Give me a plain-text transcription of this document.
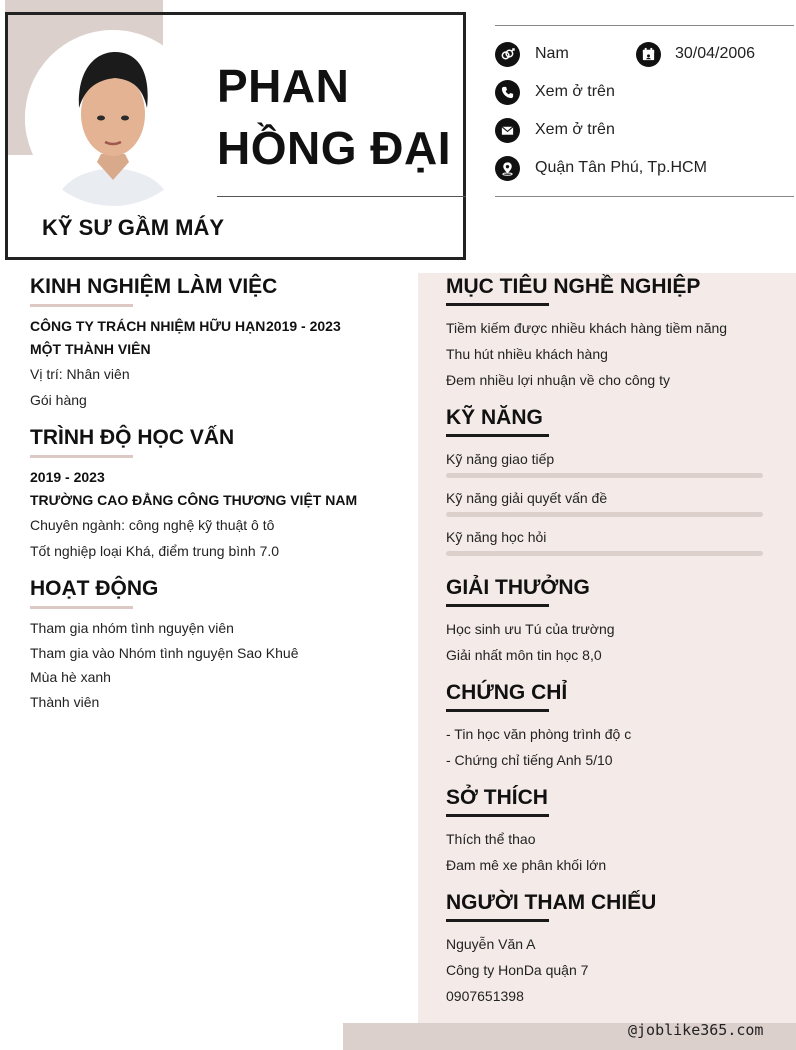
PHAN
HỒNG ĐẠI
KỸ SƯ GẦM MÁY
Nam	30/04/2006
Xem ở trên
Xem ở trên
Quận Tân Phú, Tp.HCM
@joblike365.com
KINH NGHIỆM LÀM VIỆC
CÔNG TY TRÁCH NHIỆM HỮU HẠN 2019 - 2023
MỘT THÀNH VIÊN
Vị trí: Nhân viên
Gói hàng
TRÌNH ĐỘ HỌC VẤN
2019 - 2023
TRƯỜNG CAO ĐẲNG CÔNG THƯƠNG VIỆT NAM
Chuyên ngành: công nghệ kỹ thuật ô tô
Tốt nghiệp loại Khá, điểm trung bình 7.0
HOẠT ĐỘNG
Tham gia nhóm tình nguyện viên
Tham gia vào Nhóm tình nguyện Sao Khuê
Mùa hè xanh
Thành viên
MỤC TIÊU NGHỀ NGHIỆP
Tiềm kiếm được nhiều khách hàng tiềm năng
Thu hút nhiều khách hàng
Đem nhiều lợi nhuận về cho công ty
KỸ NĂNG
Kỹ năng giao tiếp
Kỹ năng giải quyết vấn đề
Kỹ năng học hỏi
GIẢI THƯỞNG
Học sinh ưu Tú của trường
Giải nhất môn tin học 8,0
CHỨNG CHỈ
- Tin học văn phòng trình độ c
- Chứng chỉ tiếng Anh 5/10
SỞ THÍCH
Thích thể thao
Đam mê xe phân khối lớn
NGƯỜI THAM CHIẾU
Nguyễn Văn A
Công ty HonDa quận 7
0907651398
